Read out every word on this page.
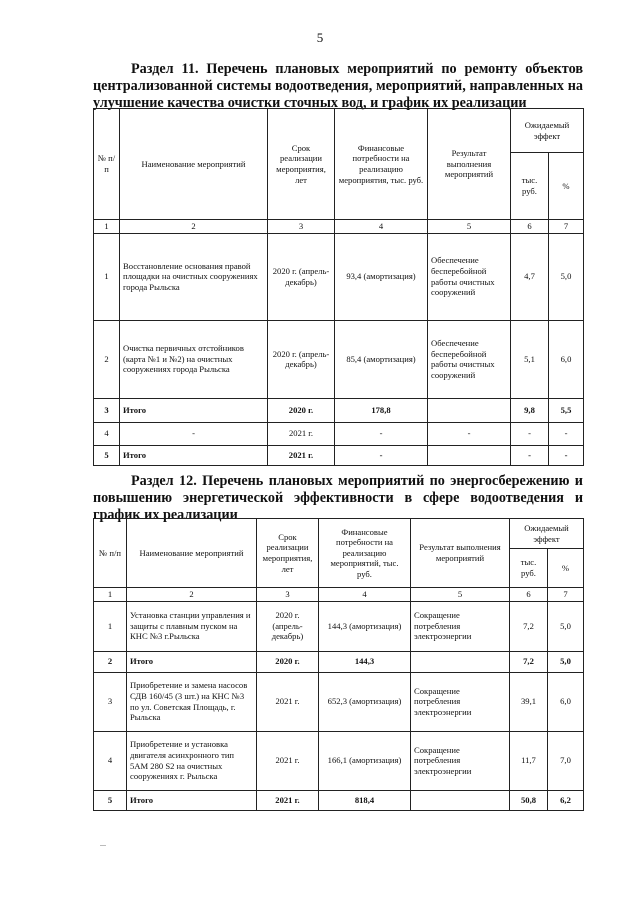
5
Раздел 11. Перечень плановых мероприятий по ремонту объектов централизованной системы водоотведения, мероприятий, направленных на улучшение качества очистки сточных вод, и график их реализации
№ п/п	Наименование мероприятий	Срок реализации мероприятия, лет	Финансовые потребности на реализацию мероприятия, тыс. руб.	Результат выполнения мероприятий	Ожидаемый эффект	
					тыс. руб.	%
1	2	3	4	5	6	7
1	Восстановление основания правой площадки на очистных сооружениях города Рыльска	2020 г. (апрель-декабрь)	93,4 (амортизация)	Обеспечение бесперебойной работы очистных сооружений	4,7	5,0
2	Очистка первичных отстойников (карта №1 и №2) на очистных сооружениях города Рыльска	2020 г. (апрель-декабрь)	85,4 (амортизация)	Обеспечение бесперебойной работы очистных сооружений	5,1	6,0
3	Итого	2020 г.	178,8		9,8	5,5
4	-	2021 г.	-	-	-	-
5	Итого	2021 г.	-		-	-
Раздел 12. Перечень плановых мероприятий по энергосбережению и повышению энергетической эффективности в сфере водоотведения и график их реализации
№ п/п	Наименование мероприятий	Срок реализации мероприятия, лет	Финансовые потребности на реализацию мероприятий, тыс. руб.	Результат выполнения мероприятий	Ожидаемый эффект	
					тыс. руб.	%
1	2	3	4	5	6	7
1	Установка станции управления и защиты с плавным пуском на КНС №3 г.Рыльска	2020 г. (апрель-декабрь)	144,3 (амортизация)	Сокращение потребления электроэнергии	7,2	5,0
2	Итого	2020 г.	144,3		7,2	5,0
3	Приобретение и замена насосов СДВ 160/45 (3 шт.) на КНС №3 по ул. Советская Площадь, г. Рыльска	2021 г.	652,3 (амортизация)	Сокращение потребления электроэнергии	39,1	6,0
4	Приобретение и установка двигателя асинхронного тип 5АМ 280 S2 на очистных сооружениях г. Рыльска	2021 г.	166,1 (амортизация)	Сокращение потребления электроэнергии	11,7	7,0
5	Итого	2021 г.	818,4		50,8	6,2
